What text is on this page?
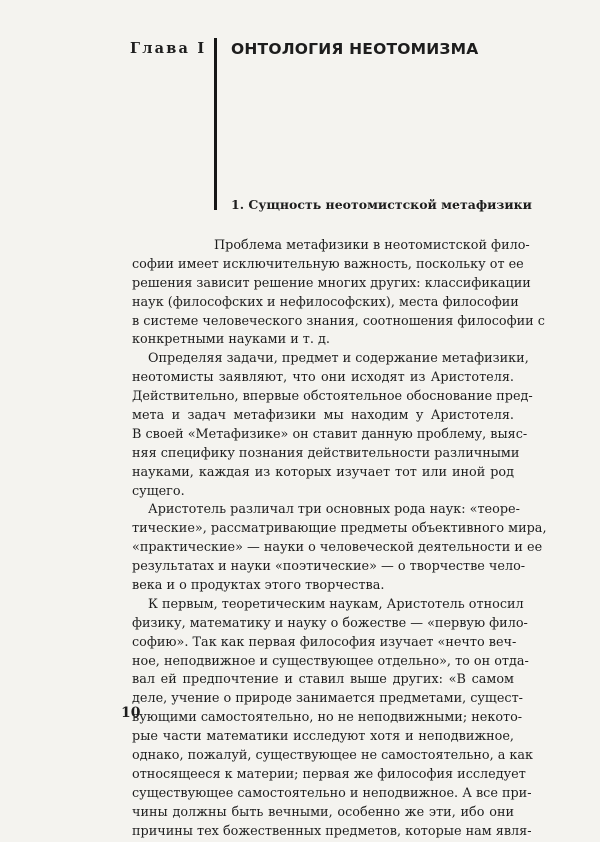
Глава I ОНТОЛОГИЯ НЕОТОМИЗМА
1. Сущность неотомистской метафизики
Проблема метафизики в неотомистской фило-
софии имеет исключительную важность, поскольку от ее
решения зависит решение многих других: классификации
наук (философских и нефилософских), места философии
в системе человеческого знания, соотношения философии с
конкретными науками и т. д.
Определяя задачи, предмет и содержание метафизики,
неотомисты заявляют, что они исходят из Аристотеля.
Действительно, впервые обстоятельное обоснование пред-
мета и задач метафизики мы находим у Аристотеля.
В своей «Метафизике» он ставит данную проблему, выяс-
няя специфику познания действительности различными
науками, каждая из которых изучает тот или иной род
сущего.
Аристотель различал три основных рода наук: «теоре-
тические», рассматривающие предметы объективного мира,
«практические» — науки о человеческой деятельности и ее
результатах и науки «поэтические» — о творчестве чело-
века и о продуктах этого творчества.
К первым, теоретическим наукам, Аристотель относил
физику, математику и науку о божестве — «первую фило-
софию». Так как первая философия изучает «нечто веч-
ное, неподвижное и существующее отдельно», то он отда-
вал ей предпочтение и ставил выше других: «В самом
деле, учение о природе занимается предметами, сущест-
вующими самостоятельно, но не неподвижными; некото-
рые части математики исследуют хотя и неподвижное,
однако, пожалуй, существующее не самостоятельно, а как
относящееся к материи; первая же философия исследует
существующее самостоятельно и неподвижное. А все при-
чины должны быть вечными, особенно же эти, ибо они
причины тех божественных предметов, которые нам явля-
10
